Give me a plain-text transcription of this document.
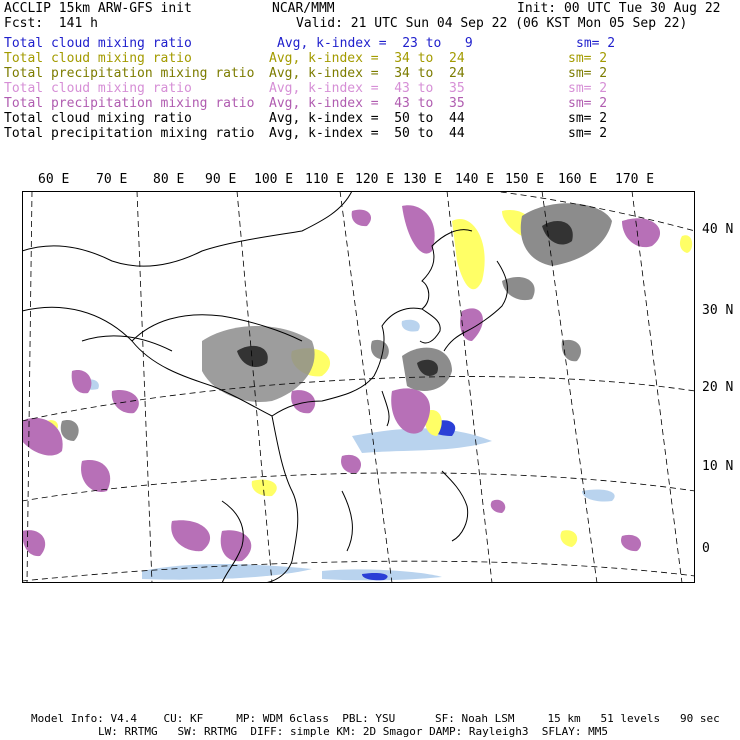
ACCLIP 15km ARW-GFS init	NCAR/MMM	Init: 00 UTC Tue 30 Aug 22
Fcst:  141 h	Valid: 21 UTC Sun 04 Sep 22 (06 KST Mon 05 Sep 22)
Total cloud mixing ratio	Avg, k-index =  23 to   9	sm= 2
Total cloud mixing ratio	Avg, k-index =  34 to  24	sm= 2
Total precipitation mixing ratio Avg, k-index =  34 to  24	sm= 2
Total cloud mixing ratio	Avg, k-index =  43 to  35	sm= 2
Total precipitation mixing ratio Avg, k-index =  43 to  35	sm= 2
Total cloud mixing ratio	Avg, k-index =  50 to  44	sm= 2
Total precipitation mixing ratio Avg, k-index =  50 to  44	sm= 2
60 E 70 E 80 E 90 E 100 E 110 E 120 E 130 E 140 E 150 E 160 E 170 E
40 N
30 N
20 N
10 N
0
Model Info: V4.4    CU: KF     MP: WDM 6class  PBL: YSU      SF: Noah LSM     15 km   51 levels   90 sec
LW: RRTMG   SW: RRTMG  DIFF: simple KM: 2D Smagor DAMP: Rayleigh3  SFLAY: MM5
